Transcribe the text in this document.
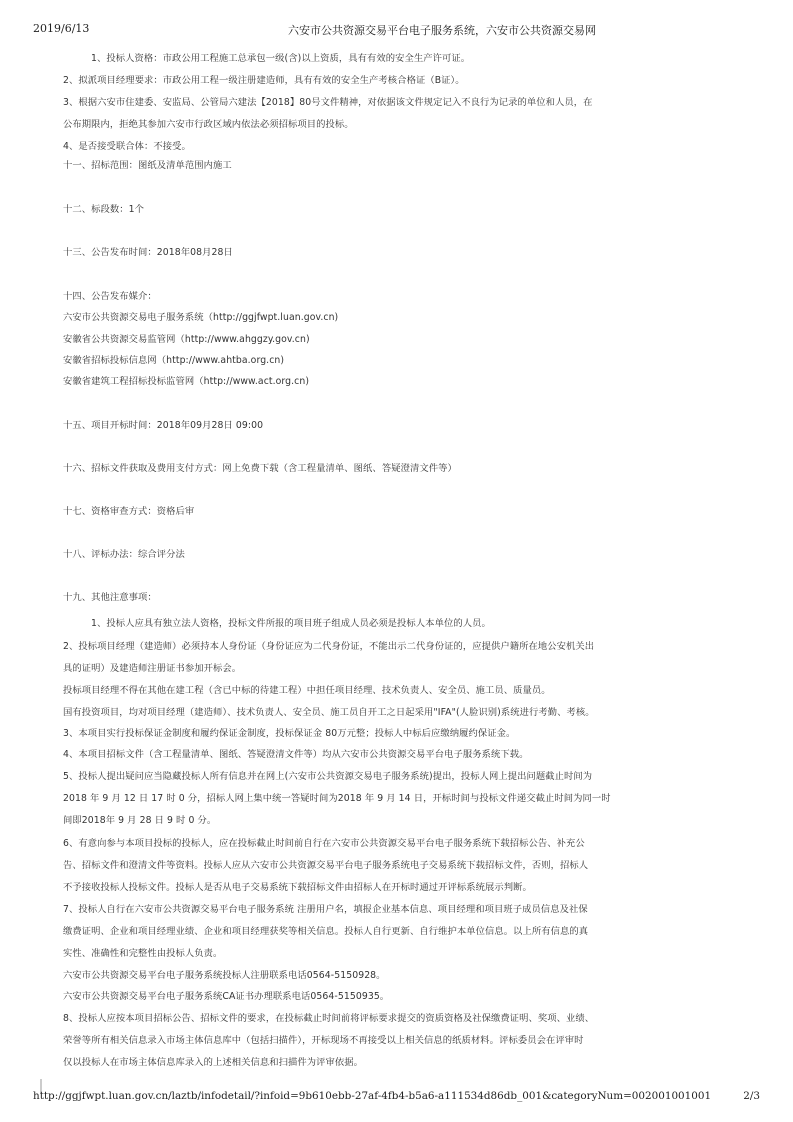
2019/6/13	六安市公共资源交易平台电子服务系统，六安市公共资源交易网
1、投标人资格：市政公用工程施工总承包一级(含)以上资质，具有有效的安全生产许可证。
2、拟派项目经理要求：市政公用工程一级注册建造师，具有有效的安全生产考核合格证（B证）。
3、根据六安市住建委、安监局、公管局六建法【2018】80号文件精神，对依据该文件规定记入不良行为记录的单位和人员，在
公布期限内，拒绝其参加六安市行政区域内依法必须招标项目的投标。
4、是否接受联合体：不接受。
十一、招标范围：图纸及清单范围内施工
十二、标段数：1个
十三、公告发布时间：2018年08月28日
十四、公告发布媒介：
六安市公共资源交易电子服务系统（http://ggjfwpt.luan.gov.cn)
安徽省公共资源交易监管网（http://www.ahggzy.gov.cn)
安徽省招标投标信息网（http://www.ahtba.org.cn)
安徽省建筑工程招标投标监管网（http://www.act.org.cn)
十五、项目开标时间：2018年09月28日 09:00
十六、招标文件获取及费用支付方式：网上免费下载（含工程量清单、图纸、答疑澄清文件等）
十七、资格审查方式：资格后审
十八、评标办法：综合评分法
十九、其他注意事项：
1、投标人应具有独立法人资格，投标文件所报的项目班子组成人员必须是投标人本单位的人员。
2、投标项目经理（建造师）必须持本人身份证（身份证应为二代身份证，不能出示二代身份证的，应提供户籍所在地公安机关出
具的证明）及建造师注册证书参加开标会。
投标项目经理不得在其他在建工程（含已中标的待建工程）中担任项目经理、技术负责人、安全员、施工员、质量员。
国有投资项目，均对项目经理（建造师）、技术负责人、安全员、施工员自开工之日起采用"IFA"(人脸识别)系统进行考勤、考核。
3、本项目实行投标保证金制度和履约保证金制度，投标保证金 80万元整；投标人中标后应缴纳履约保证金。
4、本项目招标文件（含工程量清单、图纸、答疑澄清文件等）均从六安市公共资源交易平台电子服务系统下载。
5、投标人提出疑问应当隐藏投标人所有信息并在网上(六安市公共资源交易电子服务系统)提出，投标人网上提出问题截止时间为
2018 年 9 月 12 日 17 时 0 分，招标人网上集中统一答疑时间为2018 年 9 月 14 日，开标时间与投标文件递交截止时间为同一时
间即2018年 9 月 28 日 9 时 0 分。
6、有意向参与本项目投标的投标人，应在投标截止时间前自行在六安市公共资源交易平台电子服务系统下载招标公告、补充公
告、招标文件和澄清文件等资料。投标人应从六安市公共资源交易平台电子服务系统电子交易系统下载招标文件，否则，招标人
不予接收投标人投标文件。投标人是否从电子交易系统下载招标文件由招标人在开标时通过开评标系统展示判断。
7、投标人自行在六安市公共资源交易平台电子服务系统 注册用户名，填报企业基本信息、项目经理和项目班子成员信息及社保
缴费证明、企业和项目经理业绩、企业和项目经理获奖等相关信息。投标人自行更新、自行维护本单位信息。以上所有信息的真
实性、准确性和完整性由投标人负责。
六安市公共资源交易平台电子服务系统投标人注册联系电话0564-5150928。
六安市公共资源交易平台电子服务系统CA证书办理联系电话0564-5150935。
8、投标人应按本项目招标公告、招标文件的要求，在投标截止时间前将评标要求提交的资质资格及社保缴费证明、奖项、业绩、
荣誉等所有相关信息录入市场主体信息库中（包括扫描件），开标现场不再接受以上相关信息的纸质材料。评标委员会在评审时
仅以投标人在市场主体信息库录入的上述相关信息和扫描件为评审依据。
http://ggjfwpt.luan.gov.cn/laztb/infodetail/?infoid=9b610ebb-27af-4fb4-b5a6-a111534d86db_001&categoryNum=002001001001	2/3
